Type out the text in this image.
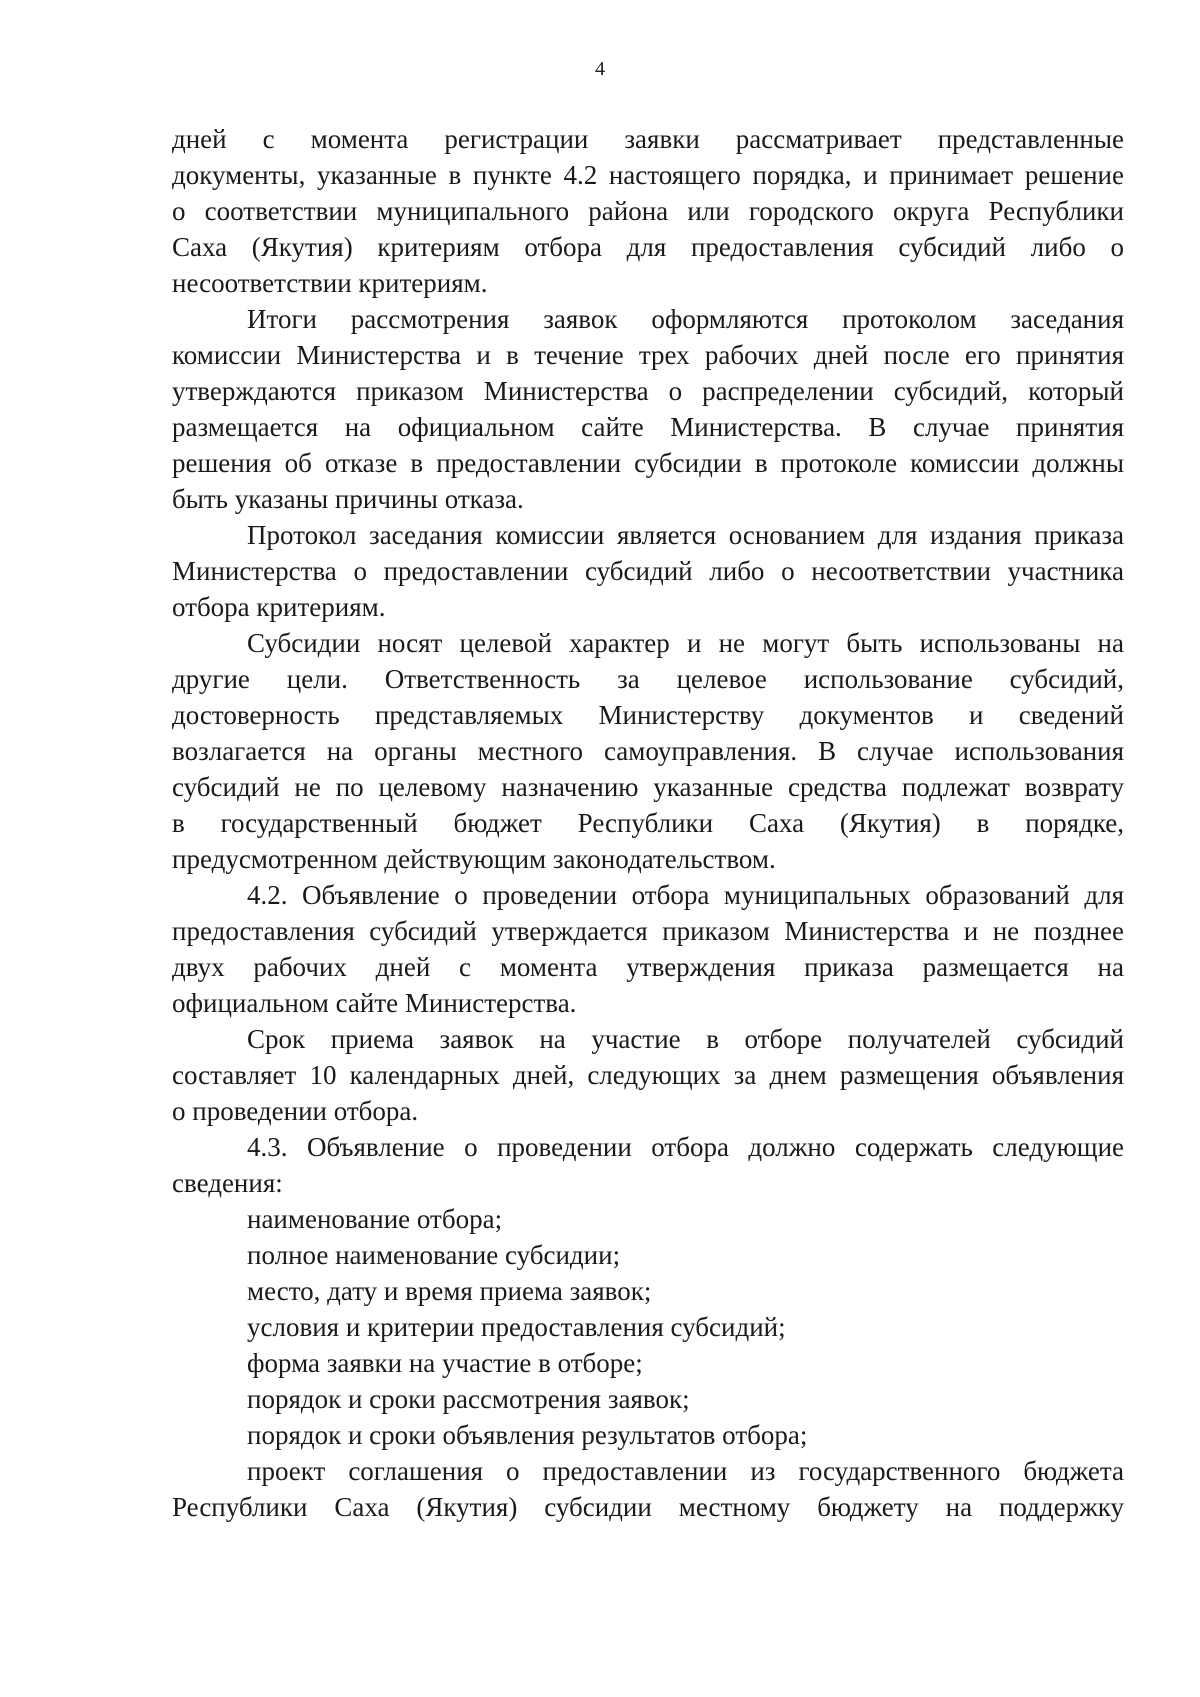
4
дней с момента регистрации заявки рассматривает представленные
документы, указанные в пункте 4.2 настоящего порядка, и принимает решение
о соответствии муниципального района или городского округа Республики
Саха (Якутия) критериям отбора для предоставления субсидий либо о
несоответствии критериям.
Итоги рассмотрения заявок оформляются протоколом заседания
комиссии Министерства и в течение трех рабочих дней после его принятия
утверждаются приказом Министерства о распределении субсидий, который
размещается на официальном сайте Министерства. В случае принятия
решения об отказе в предоставлении субсидии в протоколе комиссии должны
быть указаны причины отказа.
Протокол заседания комиссии является основанием для издания приказа
Министерства о предоставлении субсидий либо о несоответствии участника
отбора критериям.
Субсидии носят целевой характер и не могут быть использованы на
другие цели. Ответственность за целевое использование субсидий,
достоверность представляемых Министерству документов и сведений
возлагается на органы местного самоуправления. В случае использования
субсидий не по целевому назначению указанные средства подлежат возврату
в государственный бюджет Республики Саха (Якутия) в порядке,
предусмотренном действующим законодательством.
4.2. Объявление о проведении отбора муниципальных образований для
предоставления субсидий утверждается приказом Министерства и не позднее
двух рабочих дней с момента утверждения приказа размещается на
официальном сайте Министерства.
Срок приема заявок на участие в отборе получателей субсидий
составляет 10 календарных дней, следующих за днем размещения объявления
о проведении отбора.
4.3. Объявление о проведении отбора должно содержать следующие
сведения:
наименование отбора;
полное наименование субсидии;
место, дату и время приема заявок;
условия и критерии предоставления субсидий;
форма заявки на участие в отборе;
порядок и сроки рассмотрения заявок;
порядок и сроки объявления результатов отбора;
проект соглашения о предоставлении из государственного бюджета
Республики Саха (Якутия) субсидии местному бюджету на поддержку
